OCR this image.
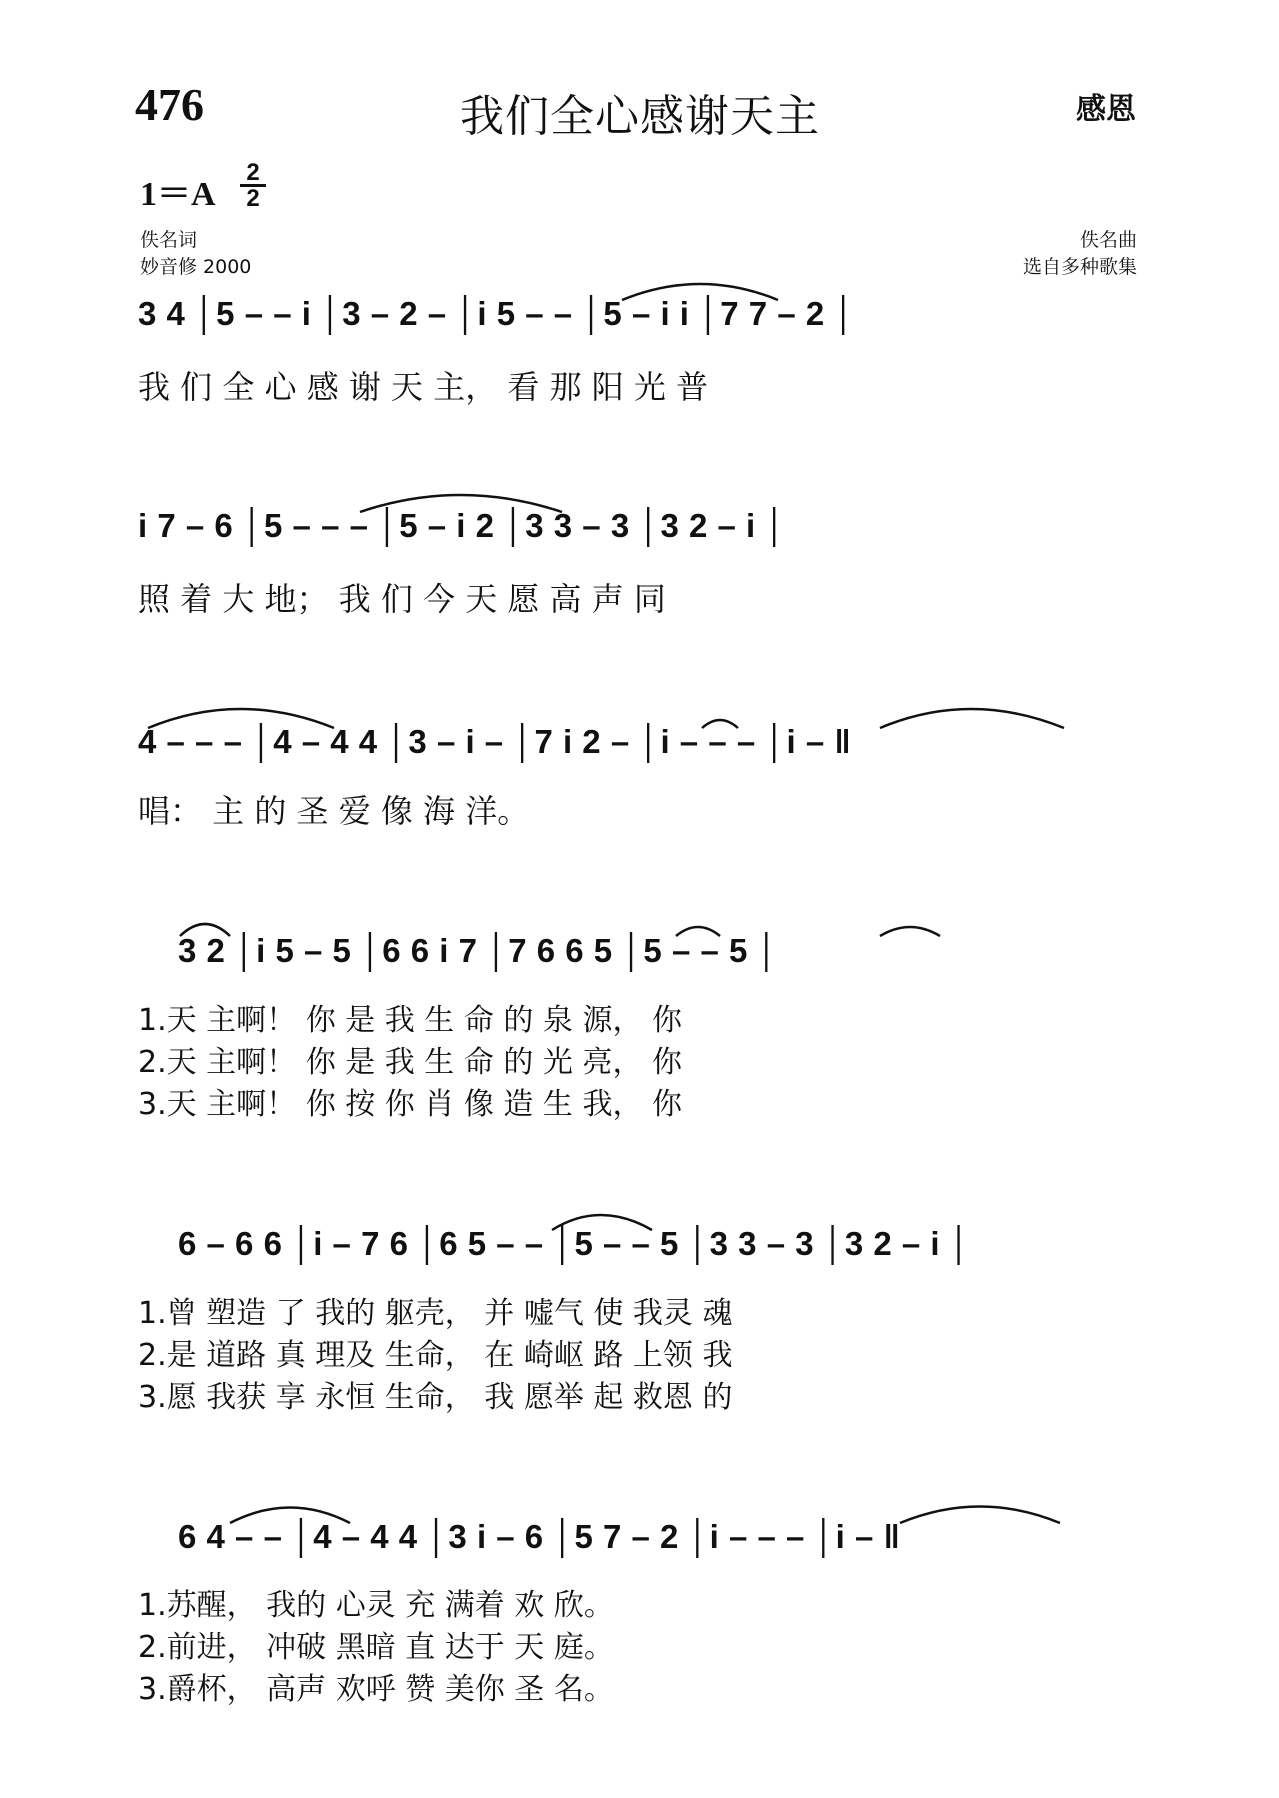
476	我们全心感谢天主	感恩
1＝A
2
2
佚名词
妙音修 2000
佚名曲
选自多种歌集
3 4 │5 – – i │3 – 2 – │i 5 – – │5 – i i │7 7 – 2 │
我 们 全 心 感 谢 天 主， 看 那 阳 光 普
i 7 – 6 │5 – – – │5 – i 2 │3 3 – 3 │3 2 – i │
照 着 大 地； 我 们 今 天 愿 高 声 同
4 – – – │4 – 4 4 │3 – i – │7 i 2 – │i – – – │i – ‖
唱： 主 的 圣 爱 像 海 洋。
3 2 │i 5 – 5 │6 6 i 7 │7 6 6 5 │5 – – 5 │
1.天 主啊！ 你 是 我 生 命 的 泉 源， 你
2.天 主啊！ 你 是 我 生 命 的 光 亮， 你
3.天 主啊！ 你 按 你 肖 像 造 生 我， 你
6 – 6 6 │i – 7 6 │6 5 – – │5 – – 5 │3 3 – 3 │3 2 – i │
1.曾 塑造 了 我的 躯壳， 并 嘘气 使 我灵 魂
2.是 道路 真 理及 生命， 在 崎岖 路 上领 我
3.愿 我获 享 永恒 生命， 我 愿举 起 救恩 的
6 4 – – │4 – 4 4 │3 i – 6 │5 7 – 2 │i – – – │i – ‖
1.苏醒， 我的 心灵 充 满着 欢 欣。
2.前进， 冲破 黑暗 直 达于 天 庭。
3.爵杯， 高声 欢呼 赞 美你 圣 名。
